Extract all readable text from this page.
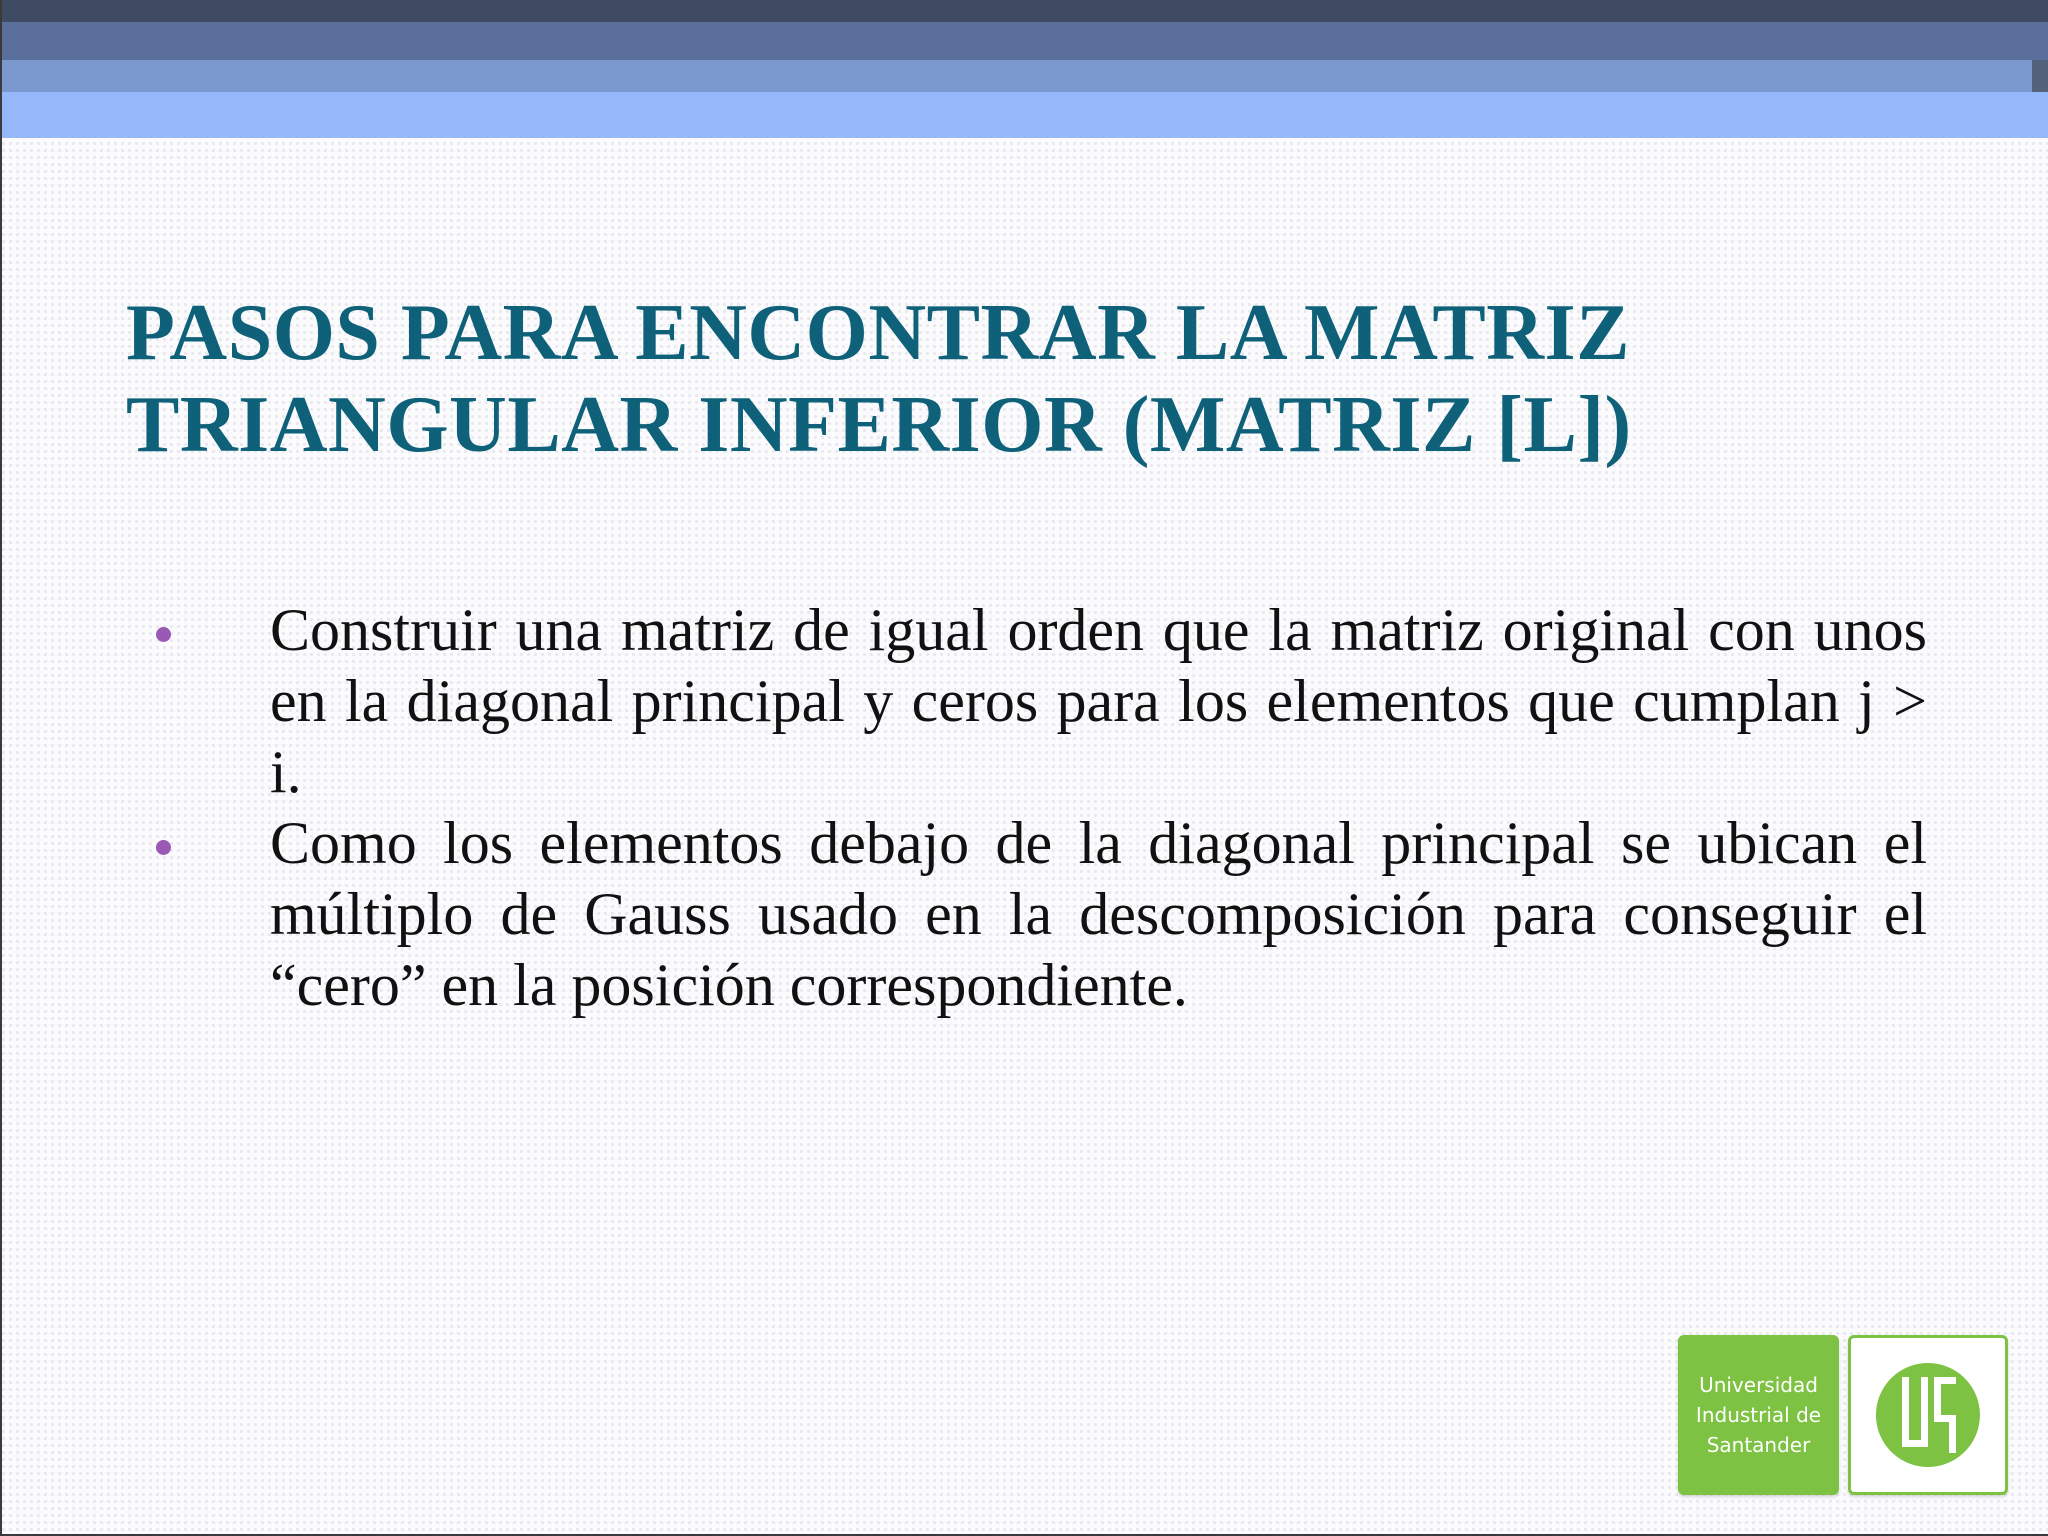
PASOS PARA ENCONTRAR LA MATRIZ
TRIANGULAR INFERIOR (MATRIZ [L])
Construir una matriz de igual orden que la matriz original con unos en la diagonal principal y ceros para los elementos que cumplan j > i.
Como los elementos debajo de la diagonal principal se ubican el múltiplo de Gauss usado en la descomposición para conseguir el “cero” en la posición correspondiente.
Universidad
Industrial de
Santander
